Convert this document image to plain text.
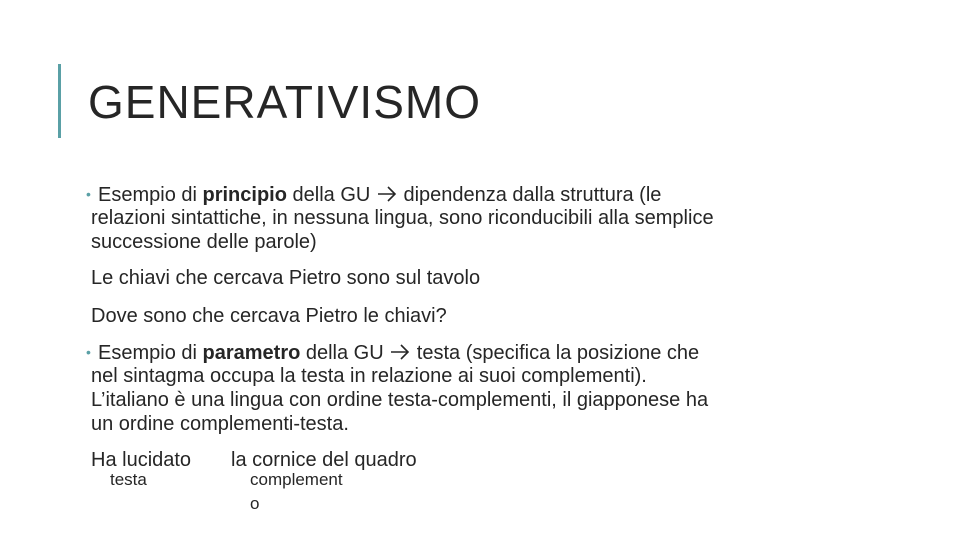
GENERATIVISMO
• Esempio di principio della GU  dipendenza dalla struttura (le
relazioni sintattiche, in nessuna lingua, sono riconducibili alla semplice
successione delle parole)
Le chiavi che cercava Pietro sono sul tavolo
Dove sono che cercava Pietro le chiavi?
• Esempio di parametro della GU  testa (specifica la posizione che
nel sintagma occupa la testa in relazione ai suoi complementi).
L’italiano è una lingua con ordine testa-complementi, il giapponese ha
un ordine complementi-testa.
Ha lucidato la cornice del quadro
testa	complement
o
